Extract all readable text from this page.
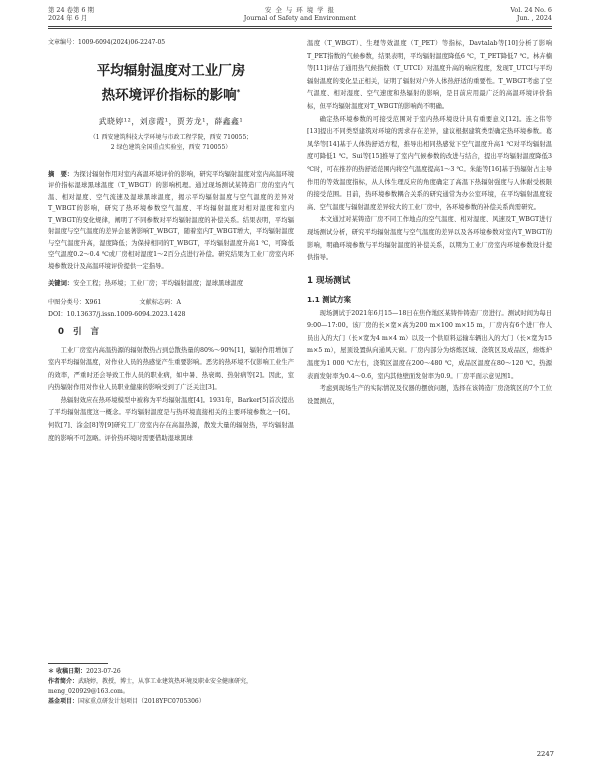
第 24 卷第 6 期
2024 年 6 月
安 全 与 环 境 学 报
Journal of Safety and Environment
Vol. 24 No. 6
Jun. , 2024
文章编号：1009-6094(2024)06-2247-05
平均辐射温度对工业厂房
热环境评价指标的影响*
武晓婷¹²，刘彦霞¹，贾芳龙¹，薛鑫鑫¹
（1 西安建筑科技大学环境与市政工程学院，西安 710055；
2 绿色建筑全国重点实验室，西安 710055）
摘　要：为探讨辐射作用对室内高温环境评价的影响，研究平均辐射温度对室内高温环境评价指标湿球黑球温度（T_WBGT）的影响机理。通过现场测试某铸造厂房的室内气温、相对湿度、空气流速及湿球黑球温度，揭示平均辐射温度与空气温度的差异对T_WBGT的影响，研究了热环境参数空气温度、平均辐射温度对相对湿度和室内T_WBGT的变化规律，阐明了不同参数对平均辐射温度的补偿关系。结果表明，平均辐射温度与空气温度的差异会显著影响T_WBGT，随着室内T_WBGT增大，平均辐射温度与空气温度升高，湿度降低；为保持相同的T_WBGT，平均辐射温度升高1 ℃，可降低空气温度0.2～0.4 ℃或厂房相对湿度1～2百分点进行补偿。研究结果为工业厂房室内环境参数设计及高温环境评价提供一定指导。
关键词：安全工程；热环境；工业厂房；平均辐射温度；湿球黑球温度
中图分类号：X961	文献标志码：A
DOI：10.13637/j.issn.1009-6094.2023.1428
0 引 言

工业厂房室内高温热源的辐射散热占到总散热量的80%～90%[1]，辐射作用增加了室内平均辐射温度，对作业人员的热感觉产生重要影响。恶劣的热环境不仅影响工业生产的效率，严重时还会导致工作人员的职业病，如中暑、热衰竭、热射病等[2]。因此，室内热辐射作用对作业人员职业健康的影响受到了广泛关注[3]。

热辐射效应在热环境模型中被称为平均辐射温度[4]。1931年，Barker[5]首次提出了平均辐射温度这一概念。平均辐射温度是与热环境直接相关的主要环境参数之一[6]。何钦[7]、涂金[8]等[9]研究工厂房室内存在高温热源，散发大量的辐射热，平均辐射温度的影响不可忽略。评价热环境时需要借助湿球黑球

温度（T_WBGT）、生理等效温度（T_PET）等指标，Davtalab等[10]分析了影响T_PET指数的气候参数，结果表明，平均辐射温度降低6 ℃，T_PET降低7 ℃。林卉楠等[11]评估了通用热气候指数（T_UTCI）对温度升高的响应程度，发现T_UTCI与平均辐射温度的变化呈正相关，证明了辐射对户外人体热舒适的重要性。T_WBGT考虑了空气温度、相对湿度、空气速度和热辐射的影响，是目前应用最广泛的高温环境评价指标，但平均辐射温度对T_WBGT的影响尚不明确。

确定热环境参数的可接受范围对于室内热环境设计具有重要意义[12]。连之伟等[13]提出不同类型建筑对环境的需求存在差异，建议根据建筑类型确定热环境参数。葛凤华等[14]基于人体热舒适方程，推导出相同热感觉下空气温度升高1 ℃对平均辐射温度可降低1 ℃。Sui等[15]推导了室内气候参数的改进与结合，提出平均辐射温度降低3 ℃时，可在推荐的热舒适范围内将空气温度提高1～3 ℃。朱能等[16]基于热辐射占主导作用的等效温度指标，从人体生理反应的角度确定了高温下热辐射强度与人体耐受极限的接受范围。目前，热环境参数耦合关系的研究通常为办公室环境，在平均辐射温度较高、空气温度与辐射温度差异较大的工业厂房中，各环境参数的补偿关系尚需研究。

本文通过对某铸造厂房不同工作地点的空气温度、相对湿度、风速及T_WBGT进行现场测试分析，研究平均辐射温度与空气温度的差异以及各环境参数对室内T_WBGT的影响，明确环境参数与平均辐射温度的补偿关系，以期为工业厂房室内环境参数设计提供指导。

1 现场测试
1.1 测试方案

现场测试于2021年6月15—18日在焦作地区某铸件铸造厂房进行。测试时间为每日9:00—17:00。该厂房的长×宽×高为200 m×100 m×15 m，厂房内有6个进厂作人员出入的大门（长×宽为4 m×4 m）以及一个供原料运输车辆出入的大门（长×宽为15 m×5 m），屋顶设置纵向通风天窗。厂房内部分为熔炼区域、浇筑区及成品区，熔炼炉温度为1 000 ℃左右，浇筑区温度在200～480 ℃，成品区温度在80～120 ℃。热源表面发射率为0.4～0.6，室内其他壁面发射率为0.9。厂房平面示意见图1。

考虑到现场生产的实际情况及仪器的摆放问题，选择在该铸造厂房浇筑区的7个工位设置测点，

＊ 收稿日期：2023-07-26
作者简介：武晓婷，教授，博士，从事工业建筑热环境及职业安全健康研究，meng_020929@163.com。
基金项目：国家重点研发计划项目（2018YFC0705306）
2247
